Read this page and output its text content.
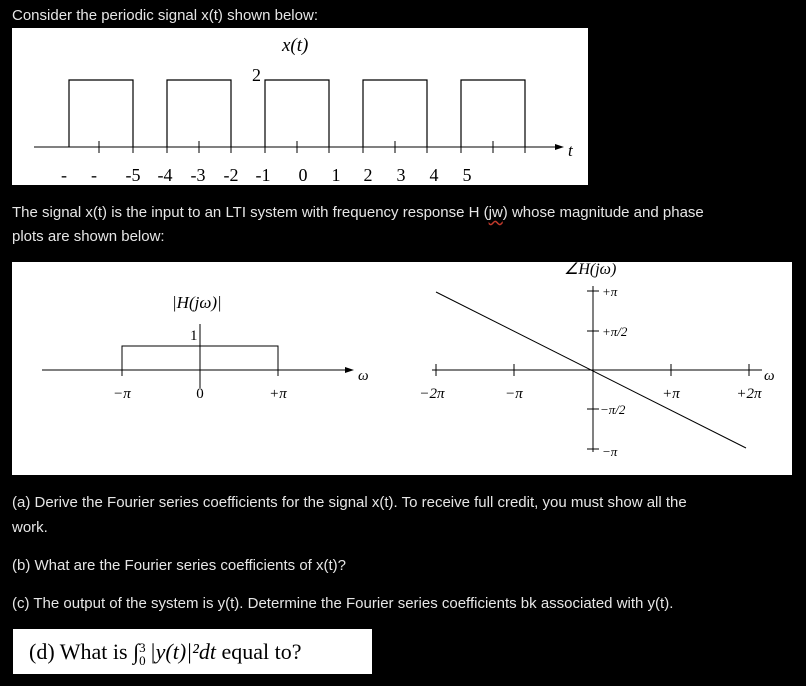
Consider the periodic signal x(t) shown below:
x(t)
2
t
- - -5 -4 -3 -2 -1 0 1 2 3 4 5
The signal x(t) is the input to an LTI system with frequency response H (jw) whose magnitude and phase
plots are shown below:
|H(jω)|
1
ω
−π	0	+π
∠H(jω)
ω
−2π	−π	+π	+2π
+π
+π/2
−π/2
−π
(a) Derive the Fourier series coefficients for the signal x(t). To receive full credit, you must show all the
work.
(b) What are the Fourier series coefficients of x(t)?
(c) The output of the system is y(t). Determine the Fourier series coefficients bk associated with y(t).
(d) What is ∫ 3
0 |y(t)|²dt equal to?
